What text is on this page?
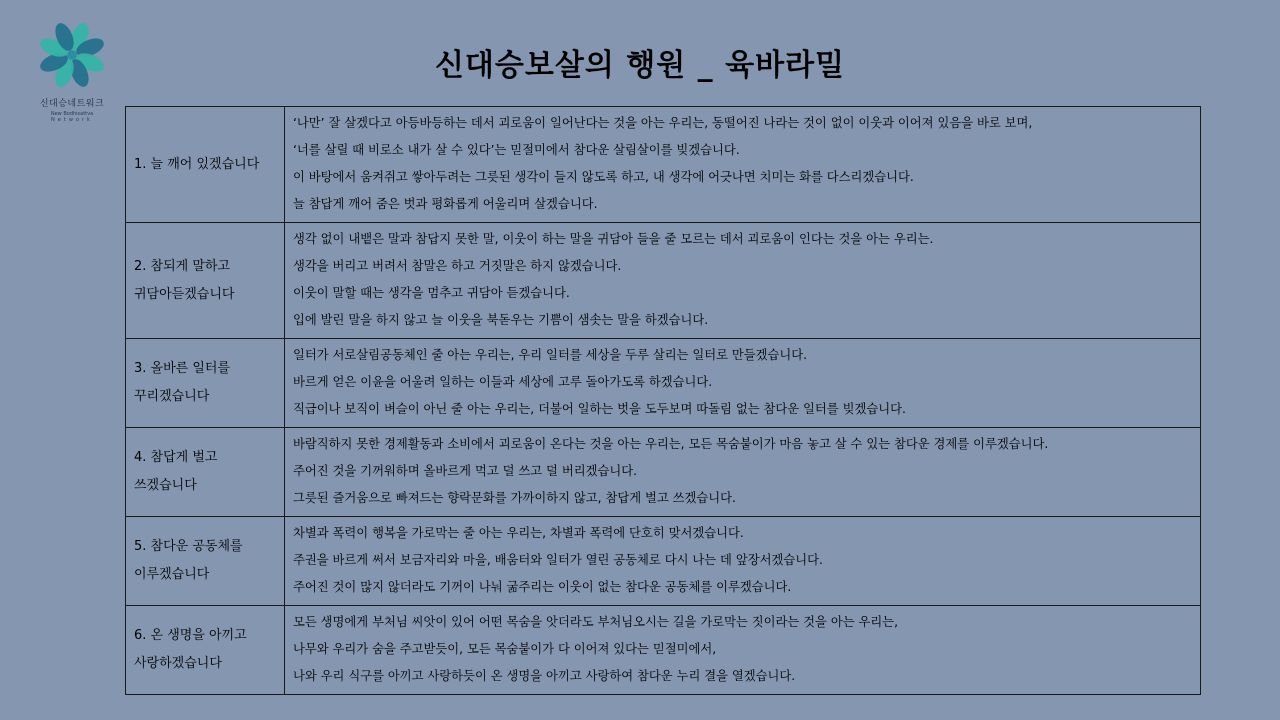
신대승네트워크
New Bodhisattva
Network
신대승보살의 행원 _ 육바라밀
1. 늘 깨어 있겠습니다	‘나만’ 잘 살겠다고 아등바등하는 데서 괴로움이 일어난다는 것을 아는 우리는, 동떨어진 나라는 것이 없이 이웃과 이어져 있음을 바로 보며,
‘너를 살릴 때 비로소 내가 살 수 있다’는 믿절미에서 참다운 살림살이를 빚겠습니다.
이 바탕에서 움켜쥐고 쌓아두려는 그릇된 생각이 들지 않도록 하고, 내 생각에 어긋나면 치미는 화를 다스리겠습니다.
늘 참답게 깨어 줌은 벗과 평화롭게 어울리며 살겠습니다.

2. 참되게 말하고
귀담아듣겠습니다	생각 없이 내뱉은 말과 참답지 못한 말, 이웃이 하는 말을 귀담아 들을 줄 모르는 데서 괴로움이 인다는 것을 아는 우리는.
생각을 버리고 버려서 참말은 하고 거짓말은 하지 않겠습니다.
이웃이 말할 때는 생각을 멈추고 귀담아 듣겠습니다.
입에 발린 말을 하지 않고 늘 이웃을 북돋우는 기쁨이 샘솟는 말을 하겠습니다.

3. 올바른 일터를
꾸리겠습니다	일터가 서로살림공동체인 줄 아는 우리는, 우리 일터를 세상을 두루 살리는 일터로 만들겠습니다.
바르게 얻은 이윤을 어울려 일하는 이들과 세상에 고루 돌아가도록 하겠습니다.
직급이나 보직이 벼슬이 아닌 줄 아는 우리는, 더불어 일하는 벗을 도두보며 따돌림 없는 참다운 일터를 빚겠습니다.

4. 참답게 벌고
쓰겠습니다	바람직하지 못한 경제활동과 소비에서 괴로움이 온다는 것을 아는 우리는, 모든 목숨붙이가 마음 놓고 살 수 있는 참다운 경제를 이루겠습니다.
주어진 것을 기꺼워하며 올바르게 먹고 덜 쓰고 덜 버리겠습니다.
그릇된 즐거움으로 빠져드는 향락문화를 가까이하지 않고, 참답게 벌고 쓰겠습니다.

5. 참다운 공동체를
이루겠습니다	차별과 폭력이 행복을 가로막는 줄 아는 우리는, 차별과 폭력에 단호히 맞서겠습니다.
주권을 바르게 써서 보금자리와 마을, 배움터와 일터가 열린 공동체로 다시 나는 데 앞장서겠습니다.
주어진 것이 많지 않더라도 기꺼이 나눠 굶주리는 이웃이 없는 참다운 공동체를 이루겠습니다.

6. 온 생명을 아끼고
사랑하겠습니다	모든 생명에게 부처님 씨앗이 있어 어떤 목숨을 앗더라도 부처님오시는 길을 가로막는 짓이라는 것을 아는 우리는,
나무와 우리가 숨을 주고받듯이, 모든 목숨붙이가 다 이어져 있다는 믿절미에서,
나와 우리 식구를 아끼고 사랑하듯이 온 생명을 아끼고 사랑하여 참다운 누리 결을 열겠습니다.
